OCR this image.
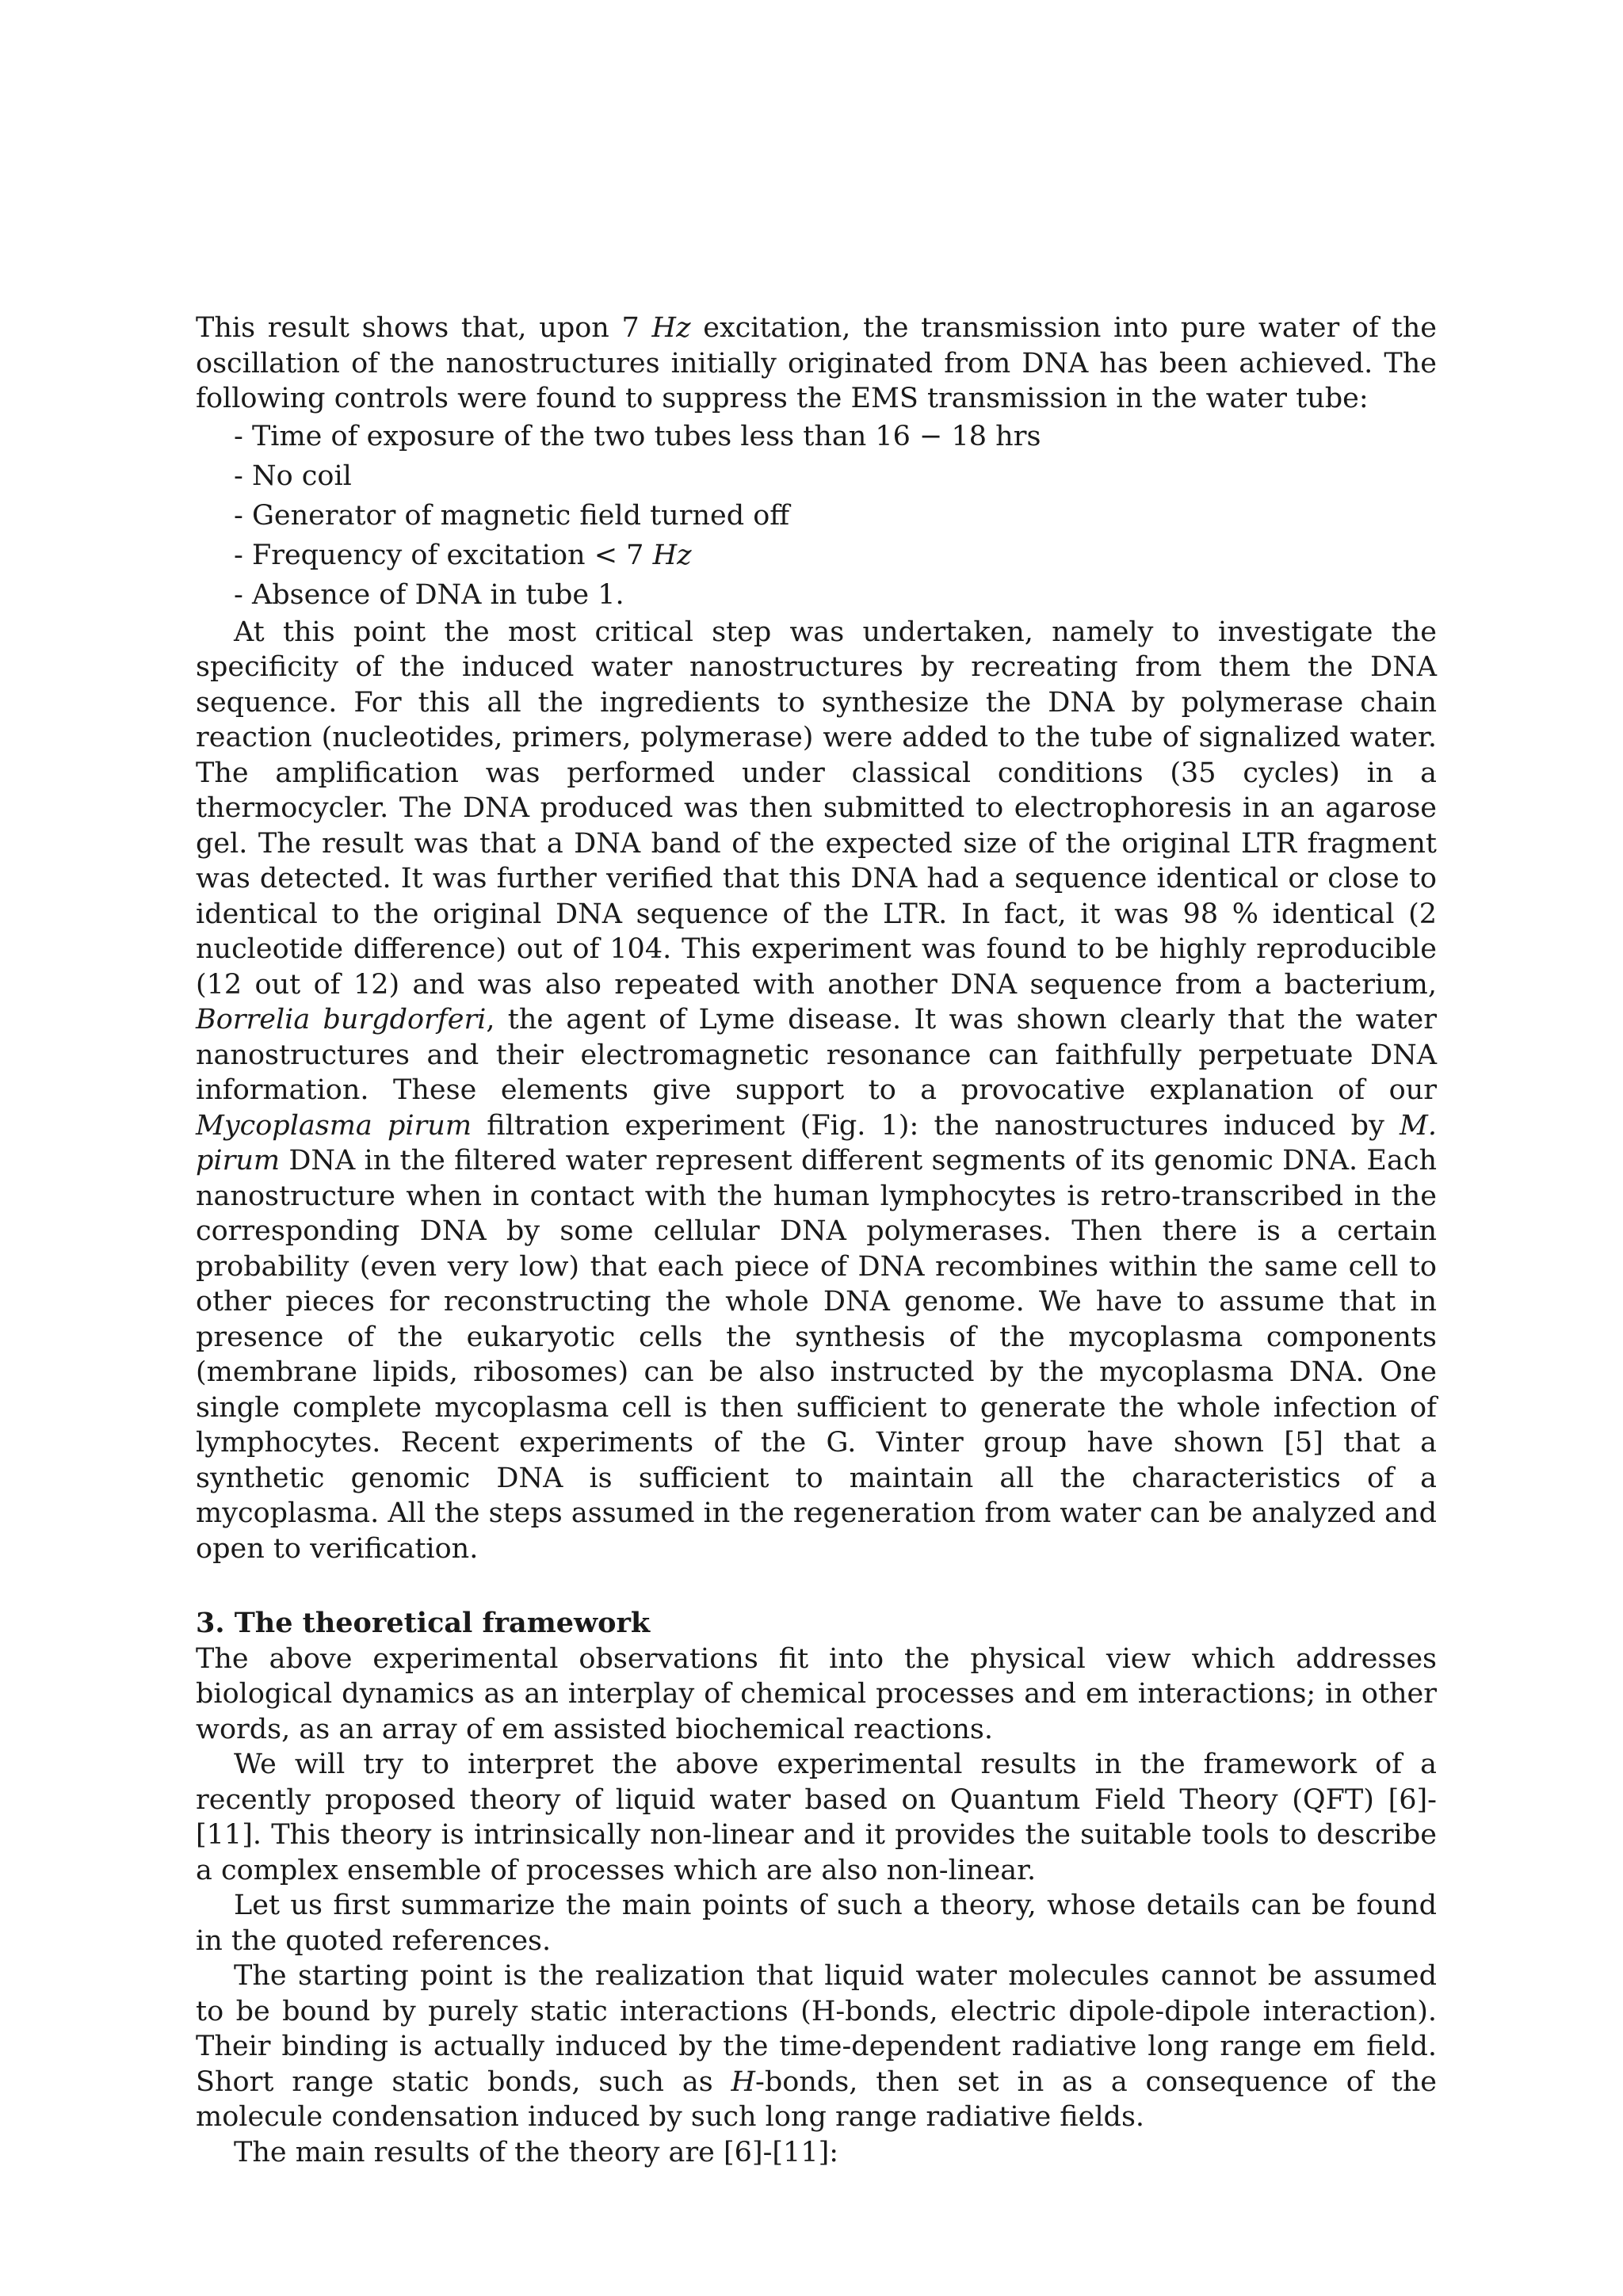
This result shows that, upon 7 Hz excitation, the transmission into pure water of the oscillation of the nanostructures initially originated from DNA has been achieved. The following controls were found to suppress the EMS transmission in the water tube:

- Time of exposure of the two tubes less than 16 − 18 hrs

- No coil

- Generator of magnetic field turned off

- Frequency of excitation < 7 Hz

- Absence of DNA in tube 1.

At this point the most critical step was undertaken, namely to investigate the specificity of the induced water nanostructures by recreating from them the DNA sequence. For this all the ingredients to synthesize the DNA by polymerase chain reaction (nucleotides, primers, polymerase) were added to the tube of signalized water. The amplification was performed under classical conditions (35 cycles) in a thermocycler. The DNA produced was then submitted to electrophoresis in an agarose gel. The result was that a DNA band of the expected size of the original LTR fragment was detected. It was further verified that this DNA had a sequence identical or close to identical to the original DNA sequence of the LTR. In fact, it was 98 % identical (2 nucleotide difference) out of 104. This experiment was found to be highly reproducible (12 out of 12) and was also repeated with another DNA sequence from a bacterium, Borrelia burgdorferi, the agent of Lyme disease. It was shown clearly that the water nanostructures and their electromagnetic resonance can faithfully perpetuate DNA information. These elements give support to a provocative explanation of our Mycoplasma pirum filtration experiment (Fig. 1): the nanostructures induced by M. pirum DNA in the filtered water represent different segments of its genomic DNA. Each nanostructure when in contact with the human lymphocytes is retro-transcribed in the corresponding DNA by some cellular DNA polymerases. Then there is a certain probability (even very low) that each piece of DNA recombines within the same cell to other pieces for reconstructing the whole DNA genome. We have to assume that in presence of the eukaryotic cells the synthesis of the mycoplasma components (membrane lipids, ribosomes) can be also instructed by the mycoplasma DNA. One single complete mycoplasma cell is then sufficient to generate the whole infection of lymphocytes. Recent experiments of the G. Vinter group have shown [5] that a synthetic genomic DNA is sufficient to maintain all the characteristics of a mycoplasma. All the steps assumed in the regeneration from water can be analyzed and open to verification.

3. The theoretical framework

The above experimental observations fit into the physical view which addresses biological dynamics as an interplay of chemical processes and em interactions; in other words, as an array of em assisted biochemical reactions.

We will try to interpret the above experimental results in the framework of a recently proposed theory of liquid water based on Quantum Field Theory (QFT) [6]-[11]. This theory is intrinsically non-linear and it provides the suitable tools to describe a complex ensemble of processes which are also non-linear.

Let us first summarize the main points of such a theory, whose details can be found in the quoted references.

The starting point is the realization that liquid water molecules cannot be assumed to be bound by purely static interactions (H-bonds, electric dipole-dipole interaction). Their binding is actually induced by the time-dependent radiative long range em field. Short range static bonds, such as H-bonds, then set in as a consequence of the molecule condensation induced by such long range radiative fields.

The main results of the theory are [6]-[11]:
